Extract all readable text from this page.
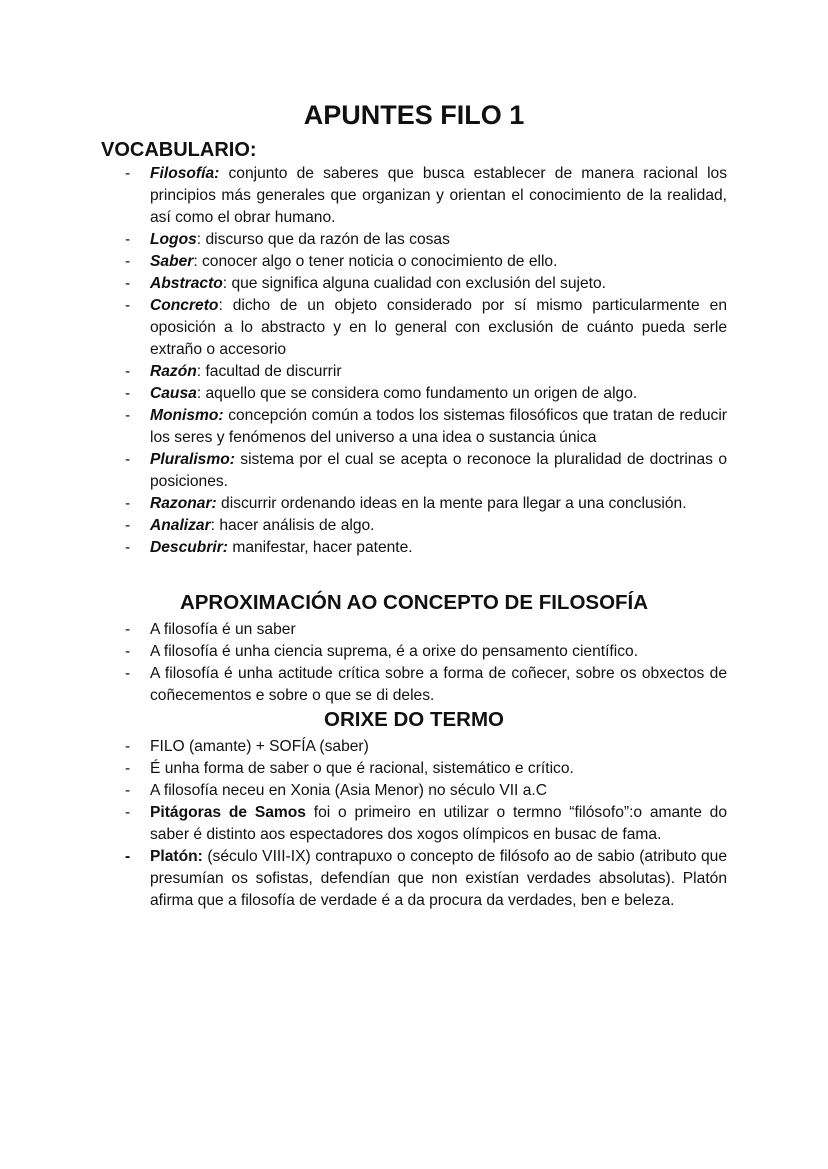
APUNTES FILO 1
VOCABULARIO:
- Filosofía: conjunto de saberes que busca establecer de manera racional los principios más generales que organizan y orientan el conocimiento de la realidad, así como el obrar humano.
- Logos: discurso que da razón de las cosas
- Saber: conocer algo o tener noticia o conocimiento de ello.
- Abstracto: que significa alguna cualidad con exclusión del sujeto.
- Concreto: dicho de un objeto considerado por sí mismo particularmente en oposición a lo abstracto y en lo general con exclusión de cuánto pueda serle extraño o accesorio
- Razón: facultad de discurrir
- Causa: aquello que se considera como fundamento un origen de algo.
- Monismo: concepción común a todos los sistemas filosóficos que tratan de reducir los seres y fenómenos del universo a una idea o sustancia única
- Pluralismo: sistema por el cual se acepta o reconoce la pluralidad de doctrinas o posiciones.
- Razonar: discurrir ordenando ideas en la mente para llegar a una conclusión.
- Analizar: hacer análisis de algo.
- Descubrir: manifestar, hacer patente.
APROXIMACIÓN AO CONCEPTO DE FILOSOFÍA
- A filosofía é un saber
- A filosofía é unha ciencia suprema, é a orixe do pensamento científico.
- A filosofía é unha actitude crítica sobre a forma de coñecer, sobre os obxectos de coñecementos e sobre o que se di deles.
ORIXE DO TERMO
- FILO (amante) + SOFÍA (saber)
- É unha forma de saber o que é racional, sistemático e crítico.
- A filosofía neceu en Xonia (Asia Menor) no século VII a.C
- Pitágoras de Samos foi o primeiro en utilizar o termno “filósofo”:o amante do saber é distinto aos espectadores dos xogos olímpicos en busac de fama.
- Platón: (século VIII-IX) contrapuxo o concepto de filósofo ao de sabio (atributo que presumían os sofistas, defendían que non existían verdades absolutas). Platón afirma que a filosofía de verdade é a da procura da verdades, ben e beleza.
